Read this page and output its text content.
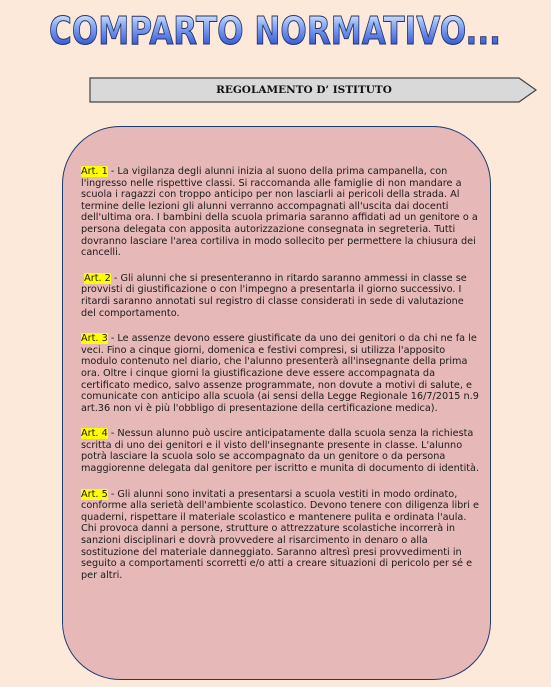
COMPARTO NORMATIVO...
REGOLAMENTO D’ ISTITUTO

Art. 1 - La vigilanza degli alunni inizia al suono della prima campanella, con l'ingresso nelle rispettive classi. Si raccomanda alle famiglie di non mandare a scuola i ragazzi con troppo anticipo per non lasciarli ai pericoli della strada. Al termine delle lezioni gli alunni verranno accompagnati all'uscita dai docenti dell'ultima ora. I bambini della scuola primaria saranno affidati ad un genitore o a persona delegata con apposita autorizzazione consegnata in segreteria. Tutti dovranno lasciare l'area cortiliva in modo sollecito per permettere la chiusura dei cancelli.

Art. 2 - Gli alunni che si presenteranno in ritardo saranno ammessi in classe se provvisti di giustificazione o con l'impegno a presentarla il giorno successivo. I ritardi saranno annotati sul registro di classe considerati in sede di valutazione del comportamento.

Art. 3 - Le assenze devono essere giustificate da uno dei genitori o da chi ne fa le veci. Fino a cinque giorni, domenica e festivi compresi, si utilizza l'apposito modulo contenuto nel diario, che l'alunno presenterà all'insegnante della prima ora. Oltre i cinque giorni la giustificazione deve essere accompagnata da certificato medico, salvo assenze programmate, non dovute a motivi di salute, e comunicate con anticipo alla scuola (ai sensi della Legge Regionale 16/7/2015 n.9 art.36 non vi è più l'obbligo di presentazione della certificazione medica).

Art. 4 - Nessun alunno può uscire anticipatamente dalla scuola senza la richiesta scritta di uno dei genitori e il visto dell'insegnante presente in classe. L'alunno potrà lasciare la scuola solo se accompagnato da un genitore o da persona maggiorenne delegata dal genitore per iscritto e munita di documento di identità.

Art. 5 - Gli alunni sono invitati a presentarsi a scuola vestiti in modo ordinato, conforme alla serietà dell'ambiente scolastico. Devono tenere con diligenza libri e quaderni, rispettare il materiale scolastico e mantenere pulita e ordinata l'aula. Chi provoca danni a persone, strutture o attrezzature scolastiche incorrerà in sanzioni disciplinari e dovrà provvedere al risarcimento in denaro o alla sostituzione del materiale danneggiato. Saranno altresì presi provvedimenti in seguito a comportamenti scorretti e/o atti a creare situazioni di pericolo per sé e per altri.
